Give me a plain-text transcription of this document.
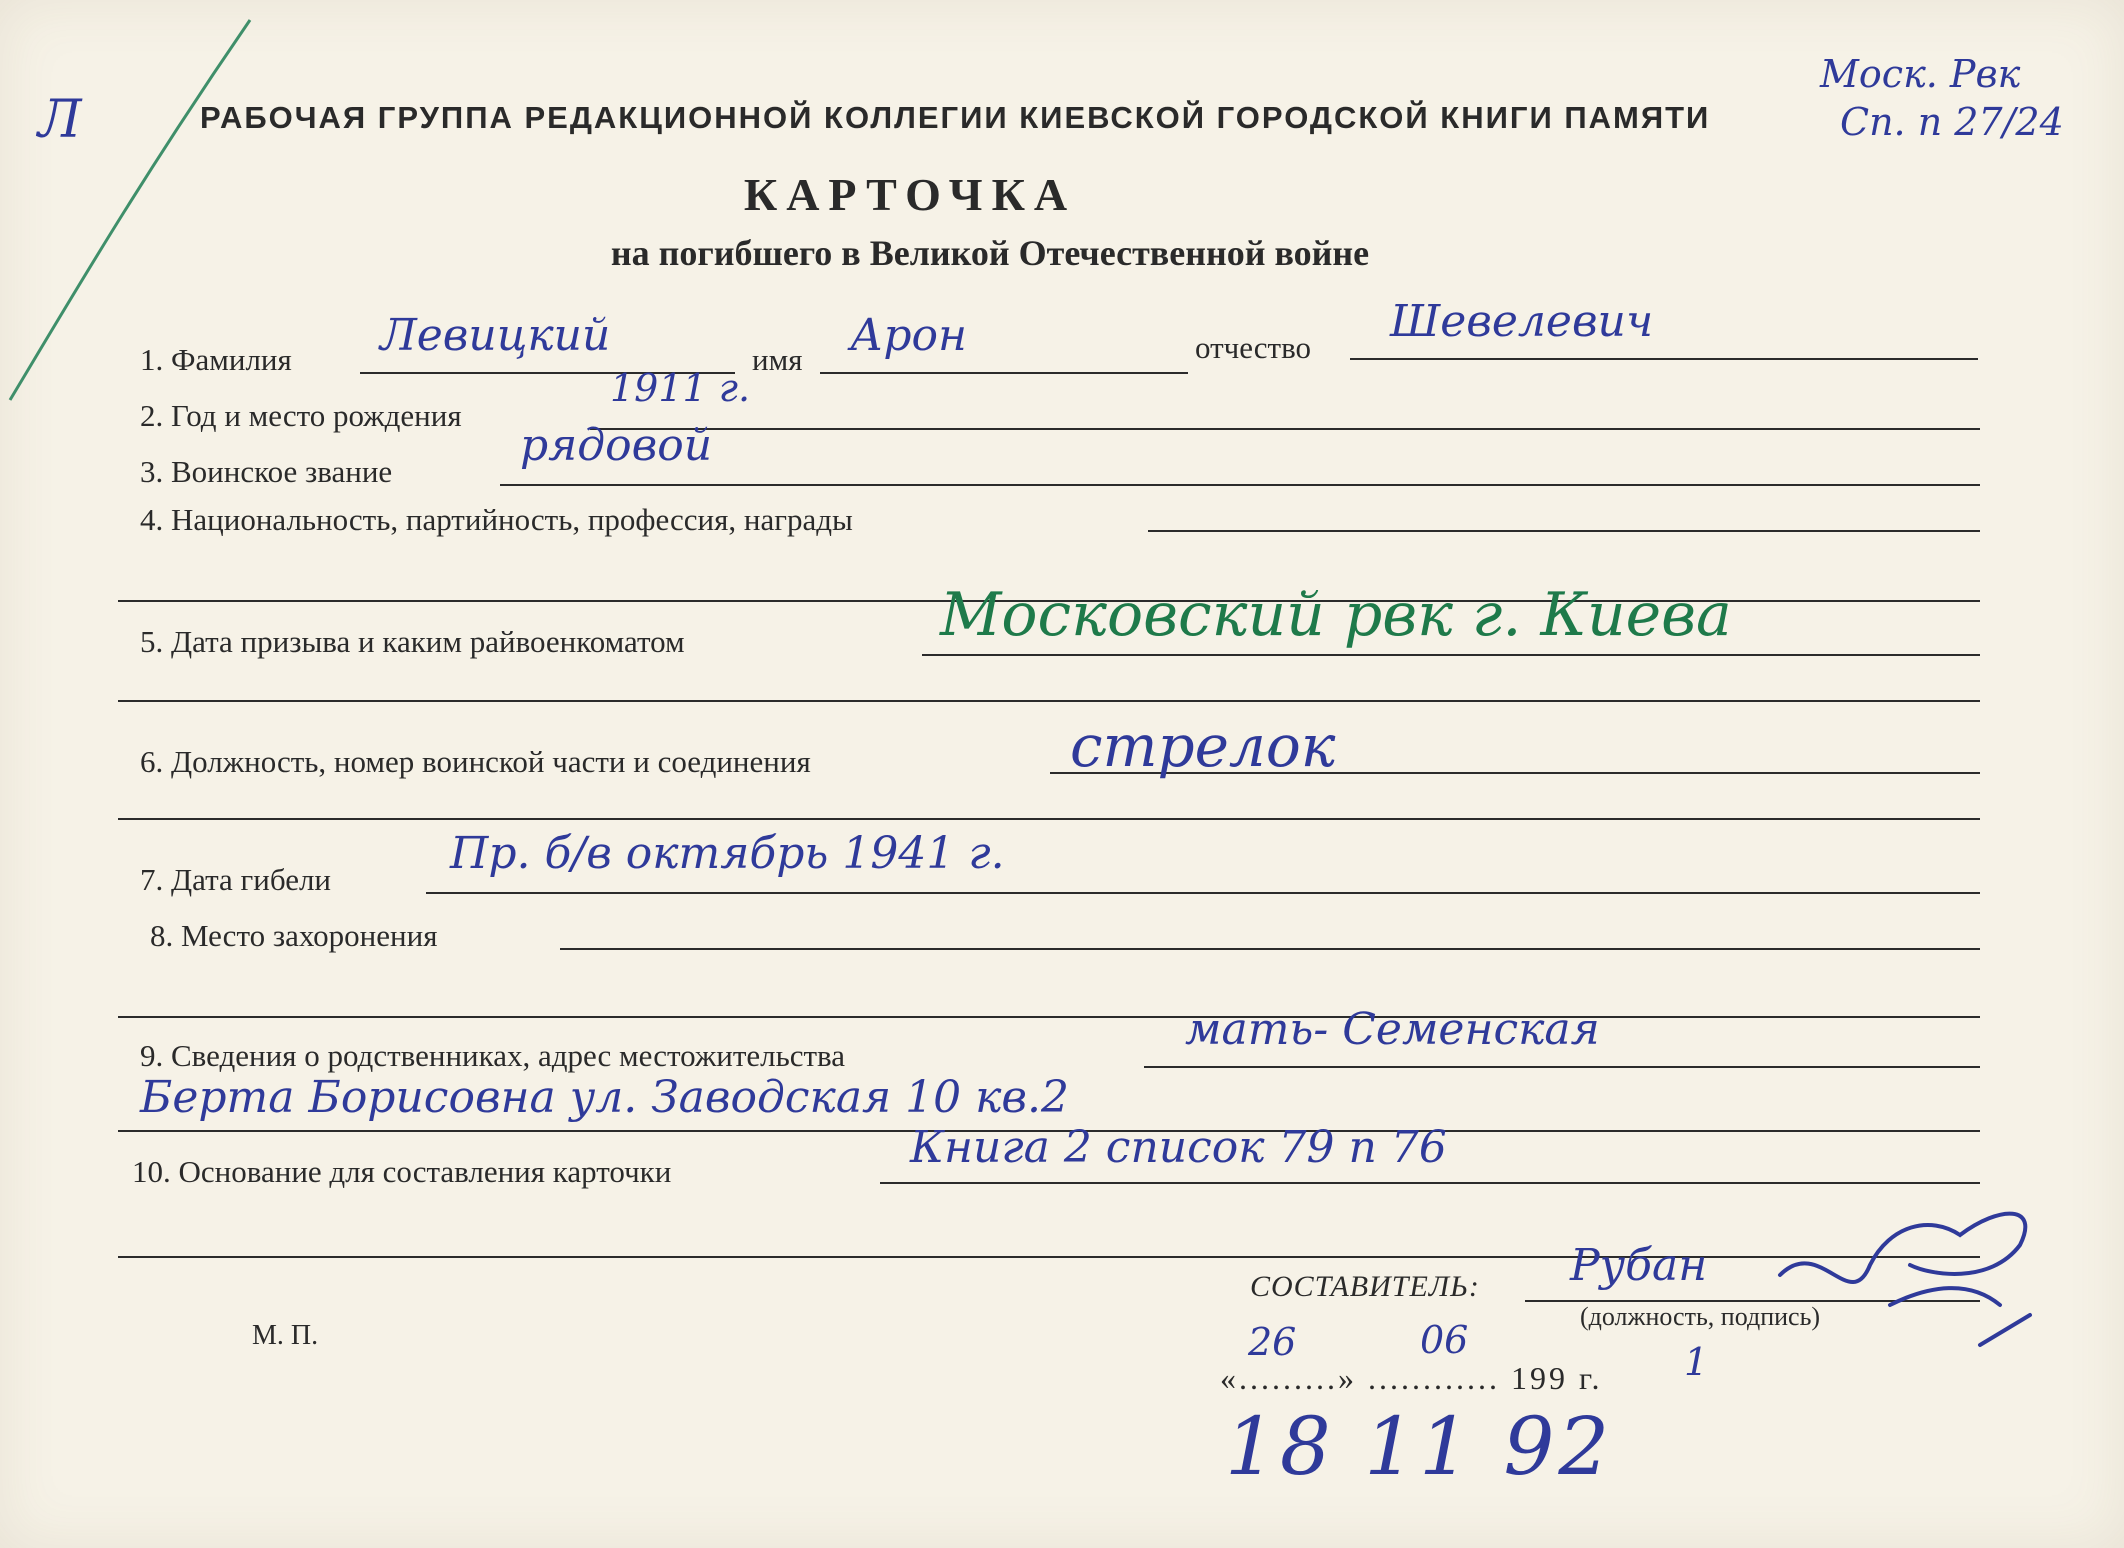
Л
Моск. Рвк
Сп. п 27/24
РАБОЧАЯ ГРУППА РЕДАКЦИОННОЙ КОЛЛЕГИИ КИЕВСКОЙ ГОРОДСКОЙ КНИГИ ПАМЯТИ
КАРТОЧКА
на погибшего в Великой Отечественной войне
1. Фамилия Левицкий	имя Арон	отчество
Шевелевич
2. Год и место рождения
1911 г.
3. Воинское звание
рядовой
4. Национальность, партийность, профессия, награды
5. Дата призыва и каким райвоенкоматом	Московский рвк г. Киева
6. Должность, номер воинской части и соединения	стрелок
7. Дата гибели
Пр. б/в октябрь 1941 г.
8. Место захоронения
9. Сведения о родственниках, адрес местожительства
мать- Семенская
Берта Борисовна ул. Заводская 10 кв.2
10. Основание для составления карточки	Книга 2 список 79 п 76
М. П.
СОСТАВИТЕЛЬ: Рубан
(должность, подпись)
«.........» ............ 199 г.
26	06	1
18 11 92
